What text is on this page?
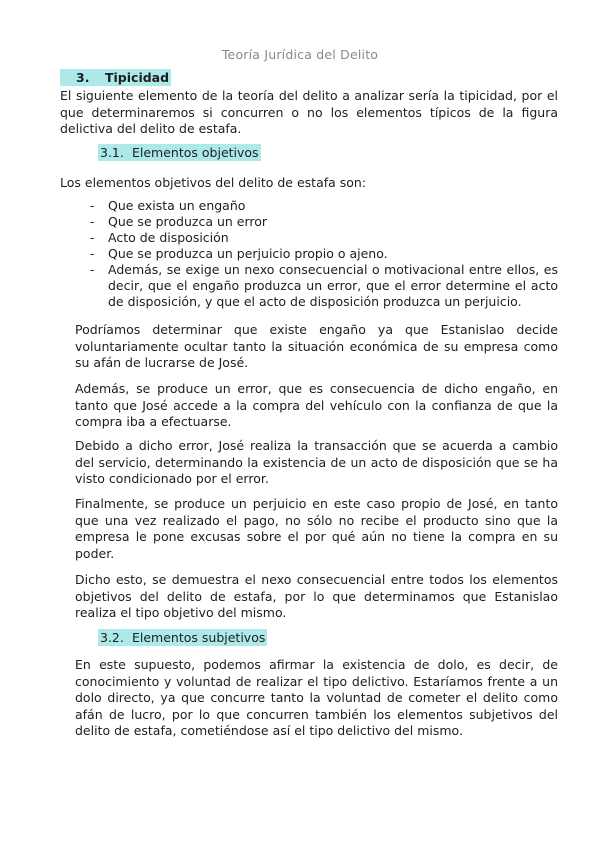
Teoría Jurídica del Delito
3. Tipicidad

El siguiente elemento de la teoría del delito a analizar sería la tipicidad, por el que determinaremos si concurren o no los elementos típicos de la figura delictiva del delito de estafa.

3.1. Elementos objetivos

Los elementos objetivos del delito de estafa son:

- Que exista un engaño
- Que se produzca un error
- Acto de disposición
- Que se produzca un perjuicio propio o ajeno.
- Además, se exige un nexo consecuencial o motivacional entre ellos, es decir, que el engaño produzca un error, que el error determine el acto de disposición, y que el acto de disposición produzca un perjuicio.

Podríamos determinar que existe engaño ya que Estanislao decide voluntariamente ocultar tanto la situación económica de su empresa como su afán de lucrarse de José.

Además, se produce un error, que es consecuencia de dicho engaño, en tanto que José accede a la compra del vehículo con la confianza de que la compra iba a efectuarse.

Debido a dicho error, José realiza la transacción que se acuerda a cambio del servicio, determinando la existencia de un acto de disposición que se ha visto condicionado por el error.

Finalmente, se produce un perjuicio en este caso propio de José, en tanto que una vez realizado el pago, no sólo no recibe el producto sino que la empresa le pone excusas sobre el por qué aún no tiene la compra en su poder.

Dicho esto, se demuestra el nexo consecuencial entre todos los elementos objetivos del delito de estafa, por lo que determinamos que Estanislao realiza el tipo objetivo del mismo.

3.2. Elementos subjetivos

En este supuesto, podemos afirmar la existencia de dolo, es decir, de conocimiento y voluntad de realizar el tipo delictivo. Estaríamos frente a un dolo directo, ya que concurre tanto la voluntad de cometer el delito como afán de lucro, por lo que concurren también los elementos subjetivos del delito de estafa, cometiéndose así el tipo delictivo del mismo.
